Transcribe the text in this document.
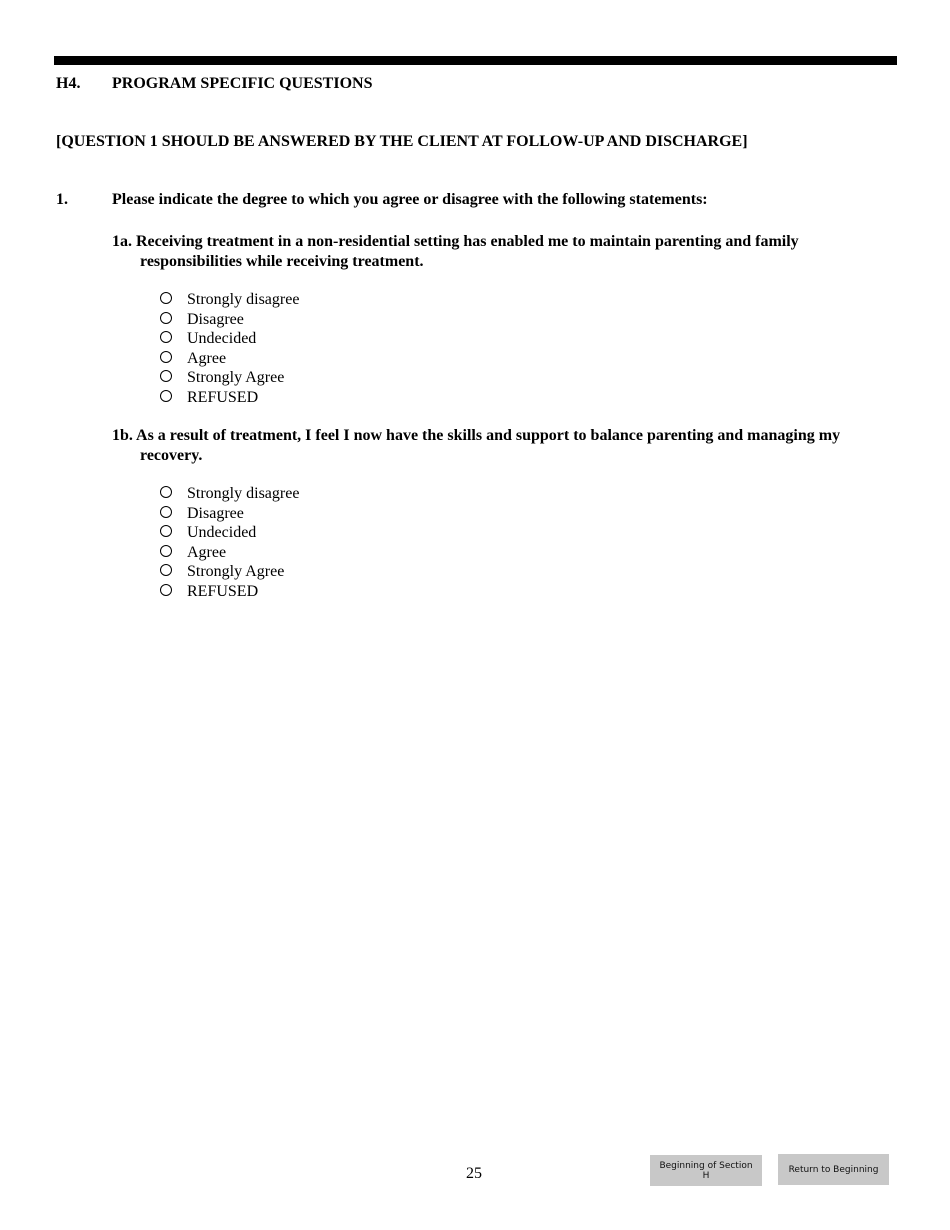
H4. PROGRAM SPECIFIC QUESTIONS
[QUESTION 1 SHOULD BE ANSWERED BY THE CLIENT AT FOLLOW-UP AND DISCHARGE]
1.	Please indicate the degree to which you agree or disagree with the following statements:
1a. Receiving treatment in a non-residential setting has enabled me to maintain parenting and family
responsibilities while receiving treatment.
Strongly disagree
Disagree
Undecided
Agree
Strongly Agree
REFUSED
1b. As a result of treatment, I feel I now have the skills and support to balance parenting and managing my
recovery.
Strongly disagree
Disagree
Undecided
Agree
Strongly Agree
REFUSED
25	Beginning of Section H
Return to Beginning
